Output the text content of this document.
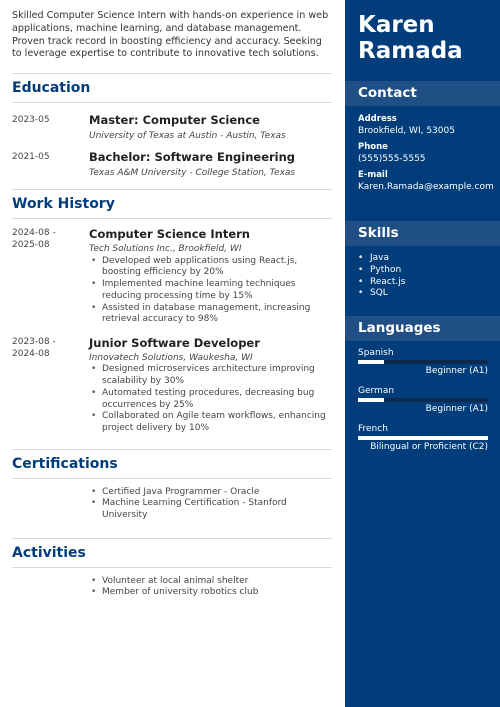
Skilled Computer Science Intern with hands-on experience in web applications, machine learning, and database management. Proven track record in boosting efficiency and accuracy. Seeking to leverage expertise to contribute to innovative tech solutions.

Education
2023-05	Master: Computer Science
University of Texas at Austin - Austin, Texas
2021-05	Bachelor: Software Engineering
Texas A&M University - College Station, Texas
Work History
2024-08 - 2025-08
Computer Science Intern
Tech Solutions Inc., Brookfield, WI
• Developed web applications using React.js, boosting efficiency by 20%
• Implemented machine learning techniques reducing processing time by 15%
• Assisted in database management, increasing retrieval accuracy to 98%
2023-08 - 2024-08
Junior Software Developer
Innovatech Solutions, Waukesha, WI
• Designed microservices architecture improving scalability by 30%
• Automated testing procedures, decreasing bug occurrences by 25%
• Collaborated on Agile team workflows, enhancing project delivery by 10%
Certifications
• Certified Java Programmer - Oracle
• Machine Learning Certification - Stanford University
Activities
• Volunteer at local animal shelter
• Member of university robotics club
Karen
Ramada
Contact
Address
Brookfield, WI, 53005
Phone
(555)555-5555
E-mail
Karen.Ramada@example.com
Skills
• Java
• Python
• React.js
• SQL
Languages
Spanish
Beginner (A1)
German
Beginner (A1)
French
Bilingual or Proficient (C2)
